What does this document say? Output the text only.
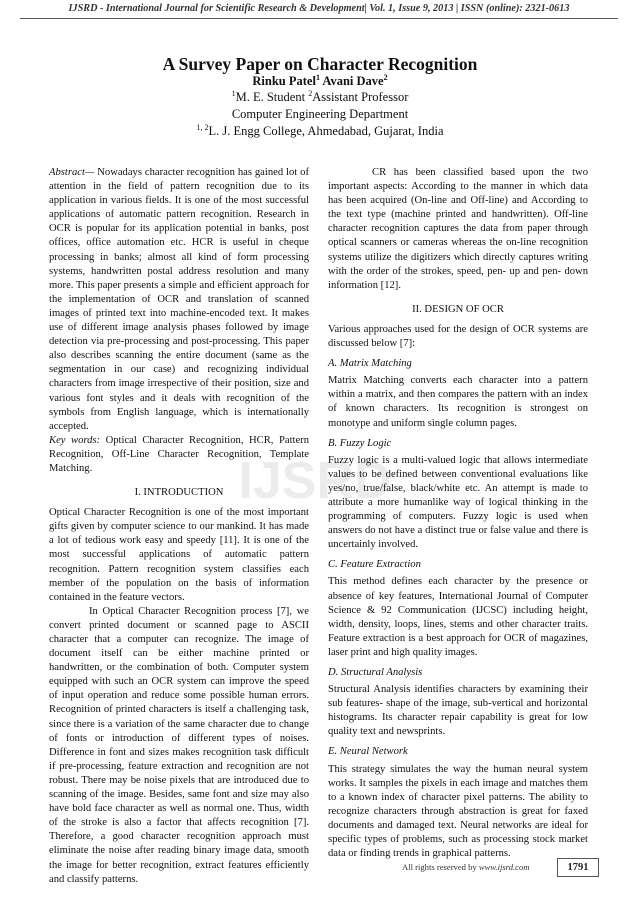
IJSRD - International Journal for Scientific Research & Development| Vol. 1, Issue 9, 2013 | ISSN (online): 2321-0613
A Survey Paper on Character Recognition
Rinku Patel$^1$ Avani Dave$^2$
$^1$M. E. Student $^2$Assistant Professor
Computer Engineering Department
$^{1, 2}$L. J. Engg College, Ahmedabad, Gujarat, India
IJSRD

Abstract— Nowadays character recognition has gained lot of attention in the field of pattern recognition due to its application in various fields. It is one of the most successful applications of automatic pattern recognition. Research in OCR is popular for its application potential in banks, post offices, office automation etc. HCR is useful in cheque processing in banks; almost all kind of form processing systems, handwritten postal address resolution and many more. This paper presents a simple and efficient approach for the implementation of OCR and translation of scanned images of printed text into machine-encoded text. It makes use of different image analysis phases followed by image detection via pre-processing and post-processing. This paper also describes scanning the entire document (same as the segmentation in our case) and recognizing individual characters from image irrespective of their position, size and various font styles and it deals with recognition of the symbols from English language, which is internationally accepted.

Key words: Optical Character Recognition, HCR, Pattern Recognition, Off-Line Character Recognition, Template Matching.

I. INTRODUCTION

Optical Character Recognition is one of the most important gifts given by computer science to our mankind. It has made a lot of tedious work easy and speedy [11]. It is one of the most successful applications of automatic pattern recognition. Pattern recognition system classifies each member of the population on the basis of information contained in the feature vectors.

In Optical Character Recognition process [7], we convert printed document or scanned page to ASCII character that a computer can recognize. The image of document itself can be either machine printed or handwritten, or the combination of both. Computer system equipped with such an OCR system can improve the speed of input operation and reduce some possible human errors. Recognition of printed characters is itself a challenging task, since there is a variation of the same character due to change of fonts or introduction of different types of noises. Difference in font and sizes makes recognition task difficult if pre-processing, feature extraction and recognition are not robust. There may be noise pixels that are introduced due to scanning of the image. Besides, same font and size may also have bold face character as well as normal one. Thus, width of the stroke is also a factor that affects recognition [7]. Therefore, a good character recognition approach must eliminate the noise after reading binary image data, smooth the image for better recognition, extract features efficiently and classify patterns.

CR has been classified based upon the two important aspects: According to the manner in which data has been acquired (On-line and Off-line) and According to the text type (machine printed and handwritten). Off-line character recognition captures the data from paper through optical scanners or cameras whereas the on-line recognition systems utilize the digitizers which directly captures writing with the order of the strokes, speed, pen- up and pen- down information [12].

II. DESIGN OF OCR

Various approaches used for the design of OCR systems are discussed below [7]:

A. Matrix Matching

Matrix Matching converts each character into a pattern within a matrix, and then compares the pattern with an index of known characters. Its recognition is strongest on monotype and uniform single column pages.

B. Fuzzy Logic

Fuzzy logic is a multi-valued logic that allows intermediate values to be defined between conventional evaluations like yes/no, true/false, black/white etc. An attempt is made to attribute a more humanlike way of logical thinking in the programming of computers. Fuzzy logic is used when answers do not have a distinct true or false value and there is uncertainly involved.

C. Feature Extraction

This method defines each character by the presence or absence of key features, International Journal of Computer Science & 92 Communication (IJCSC) including height, width, density, loops, lines, stems and other character traits. Feature extraction is a best approach for OCR of magazines, laser print and high quality images.

D. Structural Analysis

Structural Analysis identifies characters by examining their sub features- shape of the image, sub-vertical and horizontal histograms. Its character repair capability is great for low quality text and newsprints.

E. Neural Network

This strategy simulates the way the human neural system works. It samples the pixels in each image and matches them to a known index of character pixel patterns. The ability to recognize characters through abstraction is great for faxed documents and damaged text. Neural networks are ideal for specific types of problems, such as processing stock market data or finding trends in graphical patterns.

All rights reserved by www.ijsrd.com	1791
